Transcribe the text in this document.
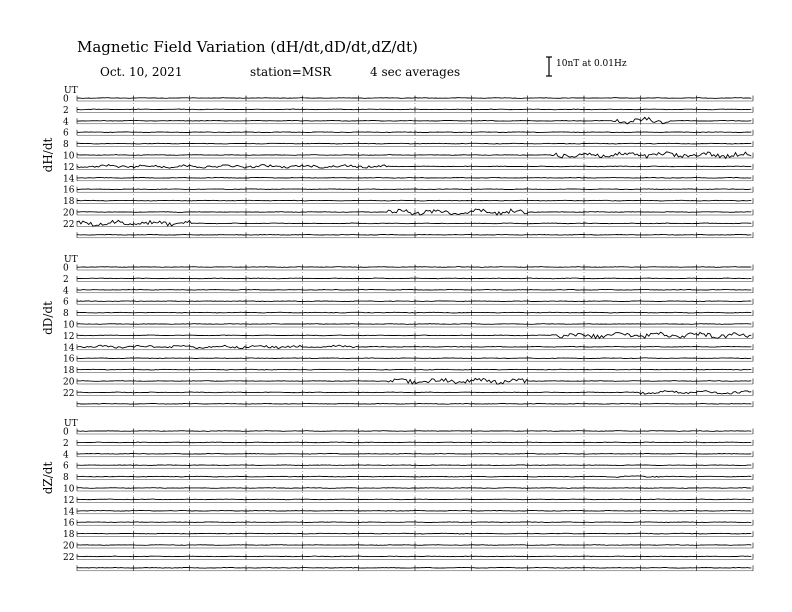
Magnetic Field Variation (dH/dt,dD/dt,dZ/dt)
Oct. 10, 2021	station=MSR	4 sec averages
10nT at 0.01Hz
UT
dH/dt
0
2
4
6
8
10
12
14
16
18
20
22
UT
dD/dt
0
2
4
6
8
10
12
14
16
18
20
22
UT
dZ/dt
0
2
4
6
8
10
12
14
16
18
20
22
